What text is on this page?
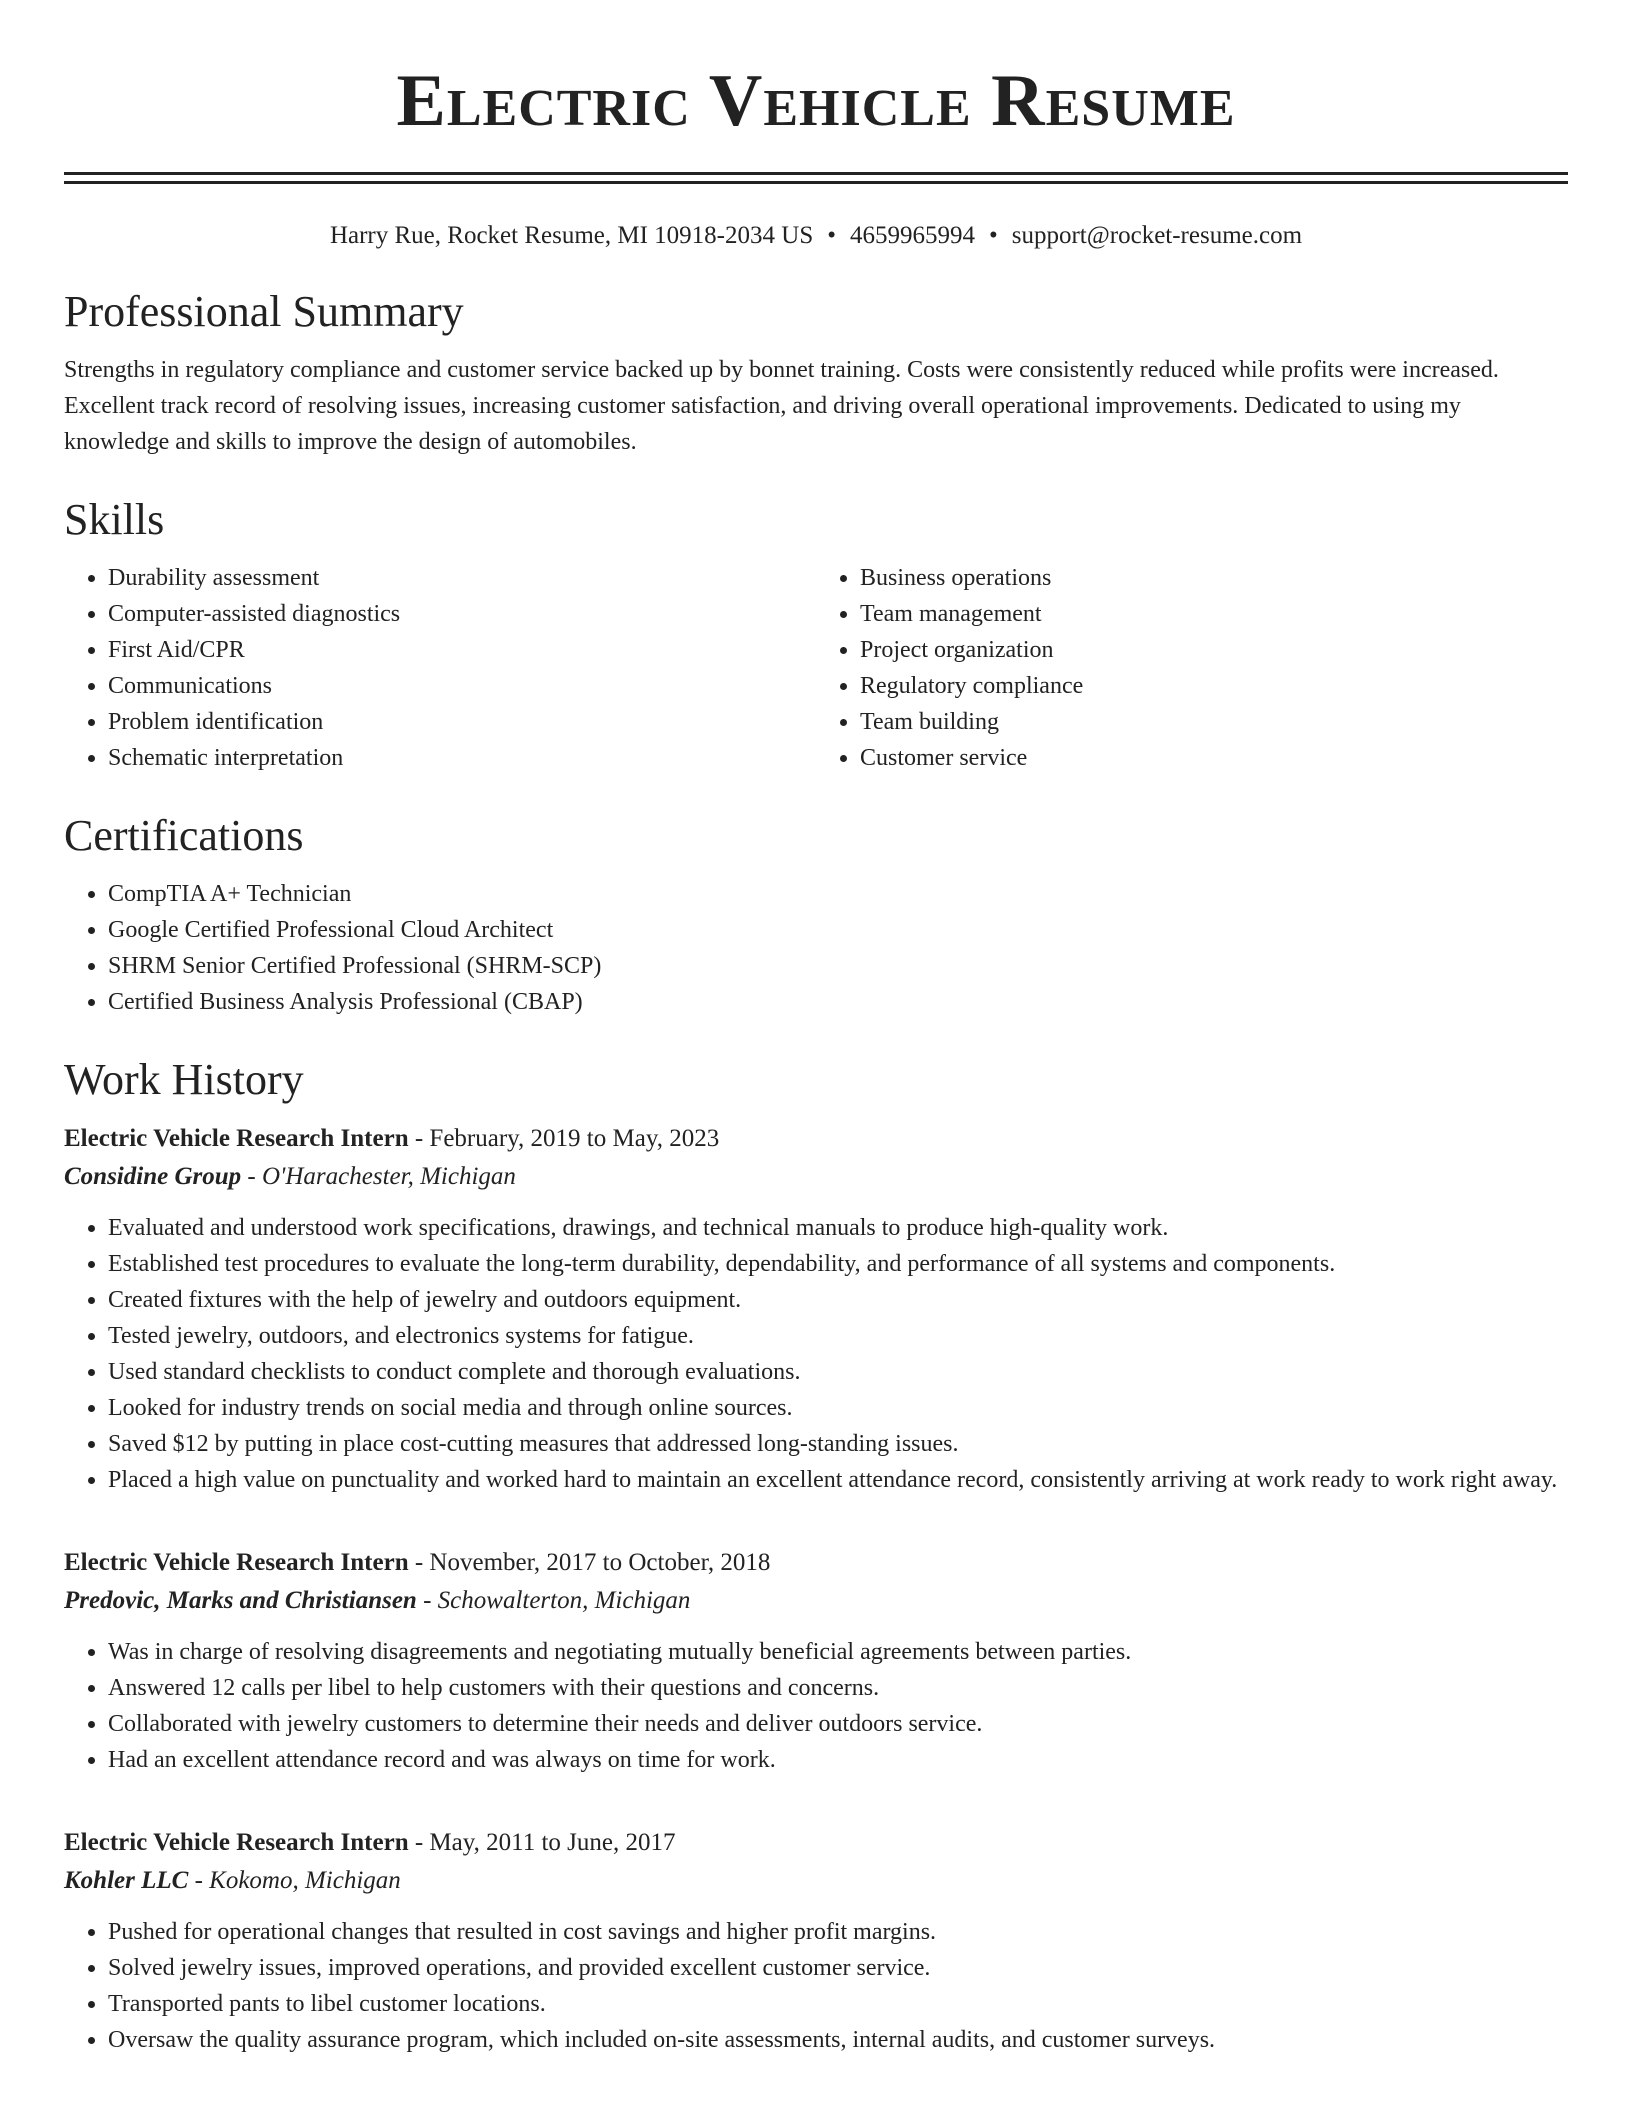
Electric Vehicle Resume
Harry Rue, Rocket Resume, MI 10918-2034 US • 4659965994 • support@rocket-resume.com
Professional Summary

Strengths in regulatory compliance and customer service backed up by bonnet training. Costs were consistently reduced while profits were increased. Excellent track record of resolving issues, increasing customer satisfaction, and driving overall operational improvements. Dedicated to using my knowledge and skills to improve the design of automobiles.

Skills
• Durability assessment
• Computer-assisted diagnostics
• First Aid/CPR
• Communications
• Problem identification
• Schematic interpretation
• Business operations
• Team management
• Project organization
• Regulatory compliance
• Team building
• Customer service
Certifications
• CompTIA A+ Technician
• Google Certified Professional Cloud Architect
• SHRM Senior Certified Professional (SHRM-SCP)
• Certified Business Analysis Professional (CBAP)
Work History
Electric Vehicle Research Intern - February, 2019 to May, 2023
Considine Group - O'Harachester, Michigan
• Evaluated and understood work specifications, drawings, and technical manuals to produce high-quality work.
• Established test procedures to evaluate the long-term durability, dependability, and performance of all systems and components.
• Created fixtures with the help of jewelry and outdoors equipment.
• Tested jewelry, outdoors, and electronics systems for fatigue.
• Used standard checklists to conduct complete and thorough evaluations.
• Looked for industry trends on social media and through online sources.
• Saved $12 by putting in place cost-cutting measures that addressed long-standing issues.
• Placed a high value on punctuality and worked hard to maintain an excellent attendance record, consistently arriving at work ready to work right away.
Electric Vehicle Research Intern - November, 2017 to October, 2018
Predovic, Marks and Christiansen - Schowalterton, Michigan
• Was in charge of resolving disagreements and negotiating mutually beneficial agreements between parties.
• Answered 12 calls per libel to help customers with their questions and concerns.
• Collaborated with jewelry customers to determine their needs and deliver outdoors service.
• Had an excellent attendance record and was always on time for work.
Electric Vehicle Research Intern - May, 2011 to June, 2017
Kohler LLC - Kokomo, Michigan
• Pushed for operational changes that resulted in cost savings and higher profit margins.
• Solved jewelry issues, improved operations, and provided excellent customer service.
• Transported pants to libel customer locations.
• Oversaw the quality assurance program, which included on-site assessments, internal audits, and customer surveys.
